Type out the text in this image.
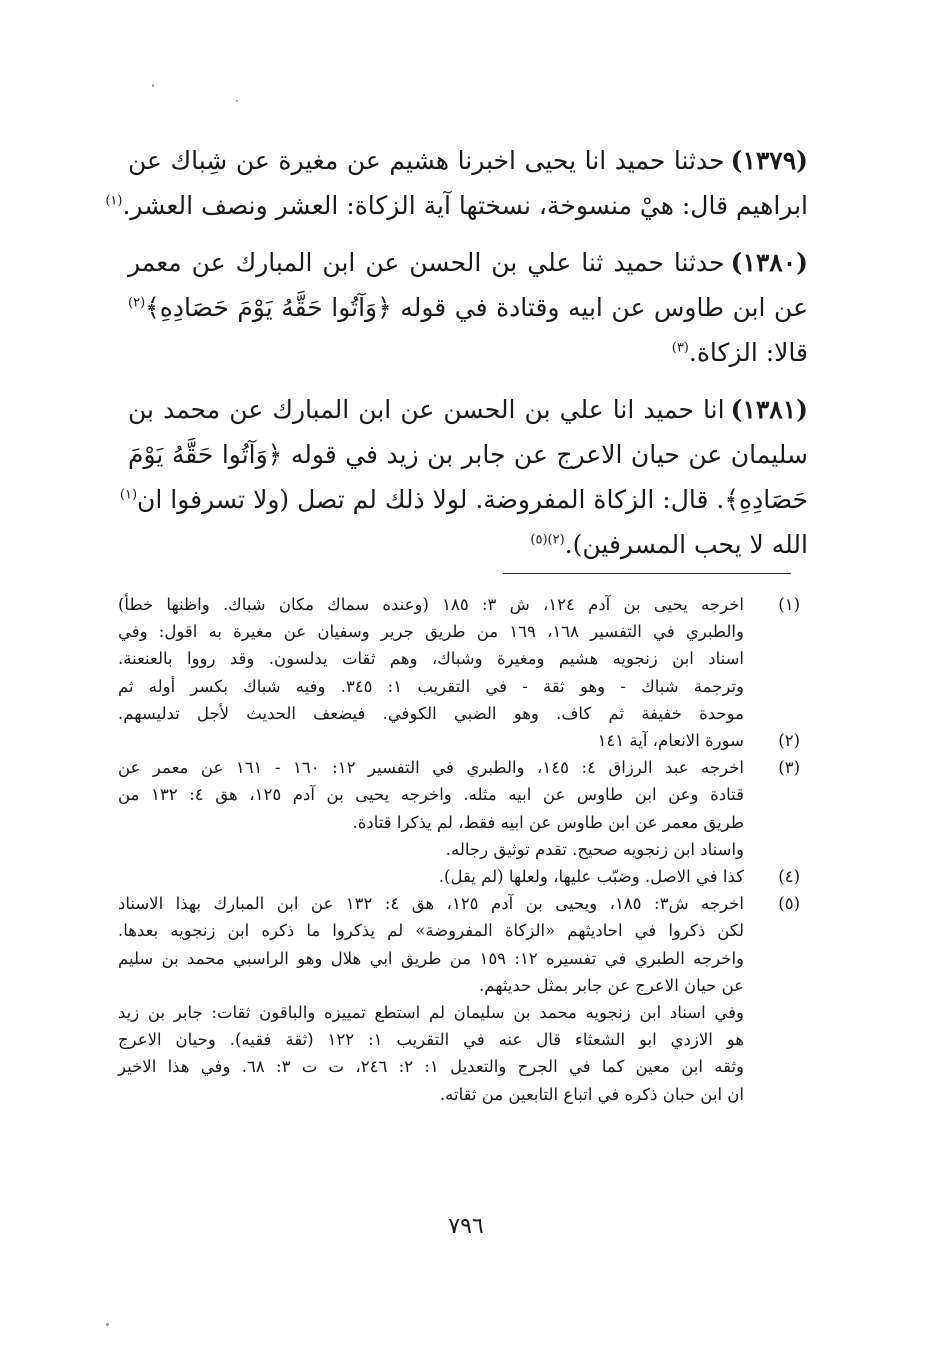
(١٣٧٩)حدثنا حميد انا يحيى اخبرنا هشيم عن مغيرة عن شِباك عن
ابراهيم قال: هيْ منسوخة، نسختها آية الزكاة: العشر ونصف العشر.$^{(١)}$
(١٣٨٠)حدثنا حميد ثنا علي بن الحسن عن ابن المبارك عن معمر
عن ابن طاوس عن ابيه وقتادة في قوله ﴿وَآتُوا حَقَّهُ يَوْمَ حَصَادِهِ﴾$^{(٢)}$
قالا: الزكاة.$^{(٣)}$
(١٣٨١)انا حميد انا علي بن الحسن عن ابن المبارك عن محمد بن
سليمان عن حيان الاعرج عن جابر بن زيد في قوله ﴿وَآتُوا حَقَّهُ يَوْمَ
حَصَادِهِ﴾. قال: الزكاة المفروضة. لولا ذلك لم تصل (ولا تسرفوا ان$^{(١)}$
الله لا يحب المسرفين).$^{(٢)(٥)}$
(١)
اخرجه يحيى بن آدم ١٢٤، ش ٣: ١٨٥ (وعنده سماك مكان شباك. واظنها خطأ)
والطبري في التفسير ١٦٨، ١٦٩ من طريق جرير وسفيان عن مغيرة به اقول: وفي
اسناد ابن زنجويه هشيم ومغيرة وشباك، وهم ثقات يدلسون. وقد رووا بالعنعنة.
وترجمة شباك - وهو ثقة - في التقريب ١: ٣٤٥. وفيه شباك بكسر أوله ثم
موحدة خفيفة ثم كاف. وهو الضبي الكوفي. فيضعف الحديث لأجل تدليسهم.
(٢)
سورة الانعام، آية ١٤١
(٣)
اخرجه عبد الرزاق ٤: ١٤٥، والطبري في التفسير ١٢: ١٦٠ - ١٦١ عن معمر عن
قتادة وعن ابن طاوس عن ابيه مثله. واخرجه يحيى بن آدم ١٢٥، هق ٤: ١٣٢ من
طريق معمر عن ابن طاوس عن ابيه فقط، لم يذكرا قتادة.
واسناد ابن زنجويه صحيح. تقدم توثيق رجاله.
(٤)
كذا في الاصل. وضبّب عليها، ولعلها (لم يقل).
(٥)
اخرجه ش٣: ١٨٥، ويحيى بن آدم ١٢٥، هق ٤: ١٣٢ عن ابن المبارك بهذا الاسناد
لكن ذكروا في احاديثهم «الزكاة المفروضة» لم يذكروا ما ذكره ابن زنجويه بعدها.
واخرجه الطبري في تفسيره ١٢: ١٥٩ من طريق ابي هلال وهو الراسبي محمد بن سليم
عن حيان الاعرج عن جابر بمثل حديثهم.
وفي اسناد ابن زنجويه محمد بن سليمان لم استطع تمييزه والباقون ثقات: جابر بن زيد
هو الازدي ابو الشعثاء قال عنه في التقريب ١: ١٢٢ (ثقة فقيه). وحيان الاعرج
وثقه ابن معين كما في الجرح والتعديل ١: ٢: ٢٤٦، ت ت ٣: ٦٨. وفي هذا الاخير
ان ابن حبان ذكره في اتباع التابعين من ثقاته.
٧٩٦
